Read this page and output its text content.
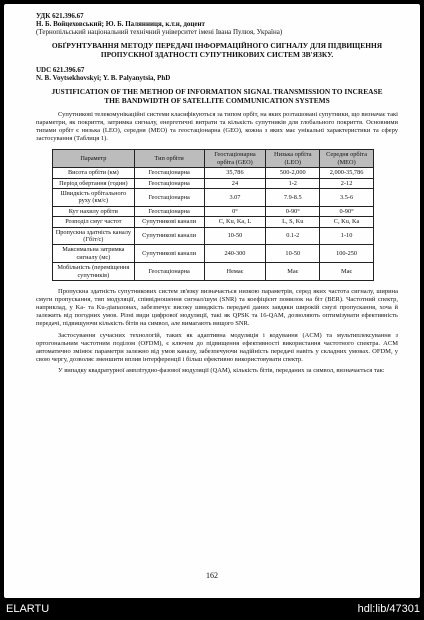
УДК 621.396.67
Н. Б. Войцеховський; Ю. Б. Палянниця, к.т.н, доцент
(Тернопільський національний технічний університет імені Івана Пулюя, Україна)
ОБҐРУНТУВАННЯ МЕТОДУ ПЕРЕДАЧІ ІНФОРМАЦІЙНОГО СИГНАЛУ ДЛЯ ПІДВИЩЕННЯ ПРОПУСКНОЇ ЗДАТНОСТІ СУПУТНИКОВИХ СИСТЕМ ЗВ'ЯЗКУ.
UDC 621.396.67
N. B. Voytsekhovskyi; Y. B. Palyanytsia, PhD
JUSTIFICATION OF THE METHOD OF INFORMATION SIGNAL TRANSMISSION TO INCREASE THE BANDWIDTH OF SATELLITE COMMUNICATION SYSTEMS

Супутникові телекомунікаційні системи класифікуються за типом орбіт, на яких розташовані супутники, що визначає такі параметри, як покриття, затримка сигналу, енергетичні витрати та кількість супутників для глобального покриття. Основними типами орбіт є низька (LEO), середня (MEO) та геостаціонарна (GEO), кожна з яких має унікальні характеристики та сферу застосування (Таблиця 1).

Параметр	Тип орбіти	Геостаціонарна орбіта (GEO)	Низька орбіта (LEO)	Середня орбіта (MEO)
Висота орбіти (км)	Геостаціонарна	35,786	500-2,000	2,000-35,786
Період обертання (годин)	Геостаціонарна	24	1-2	2-12
Швидкість орбітального руху (км/с)	Геостаціонарна	3.07	7.9-8.5	3.5-6
Кут нахилу орбіти	Геостаціонарна	0°	0-90°	0-90°
Розподіл смуг частот	Супутникові канали	C, Ku, Ka, L	L, S, Ku	C, Ku, Ka
Пропускна здатність каналу (Гбіт/с)	Супутникові канали	10-50	0.1-2	1-10
Максимальна затримка сигналу (мс)	Супутникові канали	240-300	10-50	100-250
Мобільність (переміщення супутників)	Геостаціонарна	Немає	Має	Має

Пропускна здатність супутникових систем зв'язку визначається низкою параметрів, серед яких частота сигналу, ширина смуги пропускання, тип модуляції, співвідношення сигнал/шум (SNR) та коефіцієнт помилок на біт (BER). Частотний спектр, наприклад, у Ka- та Ku-діапазонах, забезпечує високу швидкість передачі даних завдяки широкій смузі пропускання, хоча й залежить від погодних умов. Різні види цифрової модуляції, такі як QPSK та 16-QAM, дозволяють оптимізувати ефективність передачі, підвищуючи кількість бітів на символ, але вимагають вищого SNR.

Застосування сучасних технологій, таких як адаптивна модуляція і кодування (ACM) та мультиплексування з ортогональним частотним поділом (OFDM), є ключем до підвищення ефективності використання частотного спектра. ACM автоматично змінює параметри залежно від умов каналу, забезпечуючи надійність передачі навіть у складних умовах. OFDM, у свою чергу, дозволяє зменшити вплив інтерференції і більш ефективно використовувати спектр.

У випадку квадратурної амплітудно-фазової модуляції (QAM), кількість бітів, переданих за символ, визначається так:

162
ELARTU	hdl:lib/47301
